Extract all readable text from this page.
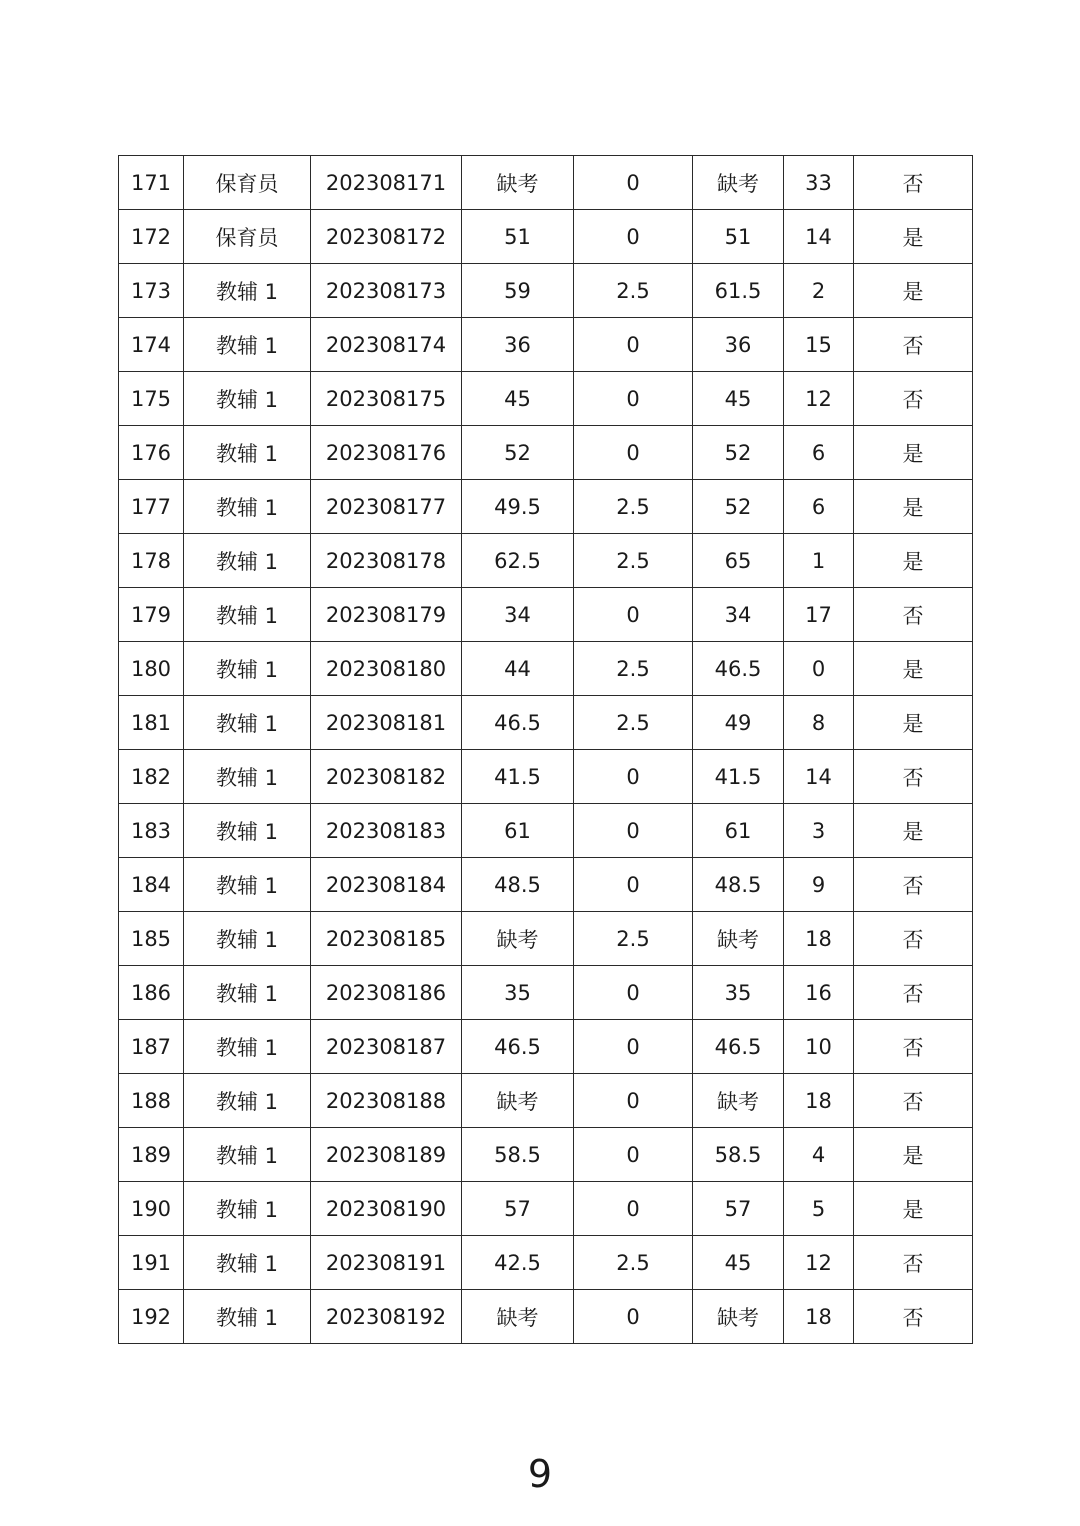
171	保育员	202308171	缺考	0	缺考	33	否
172	保育员	202308172	51	0	51	14	是
173	教辅 1	202308173	59	2.5	61.5	2	是
174	教辅 1	202308174	36	0	36	15	否
175	教辅 1	202308175	45	0	45	12	否
176	教辅 1	202308176	52	0	52	6	是
177	教辅 1	202308177	49.5	2.5	52	6	是
178	教辅 1	202308178	62.5	2.5	65	1	是
179	教辅 1	202308179	34	0	34	17	否
180	教辅 1	202308180	44	2.5	46.5	0	是
181	教辅 1	202308181	46.5	2.5	49	8	是
182	教辅 1	202308182	41.5	0	41.5	14	否
183	教辅 1	202308183	61	0	61	3	是
184	教辅 1	202308184	48.5	0	48.5	9	否
185	教辅 1	202308185	缺考	2.5	缺考	18	否
186	教辅 1	202308186	35	0	35	16	否
187	教辅 1	202308187	46.5	0	46.5	10	否
188	教辅 1	202308188	缺考	0	缺考	18	否
189	教辅 1	202308189	58.5	0	58.5	4	是
190	教辅 1	202308190	57	0	57	5	是
191	教辅 1	202308191	42.5	2.5	45	12	否
192	教辅 1	202308192	缺考	0	缺考	18	否
9
